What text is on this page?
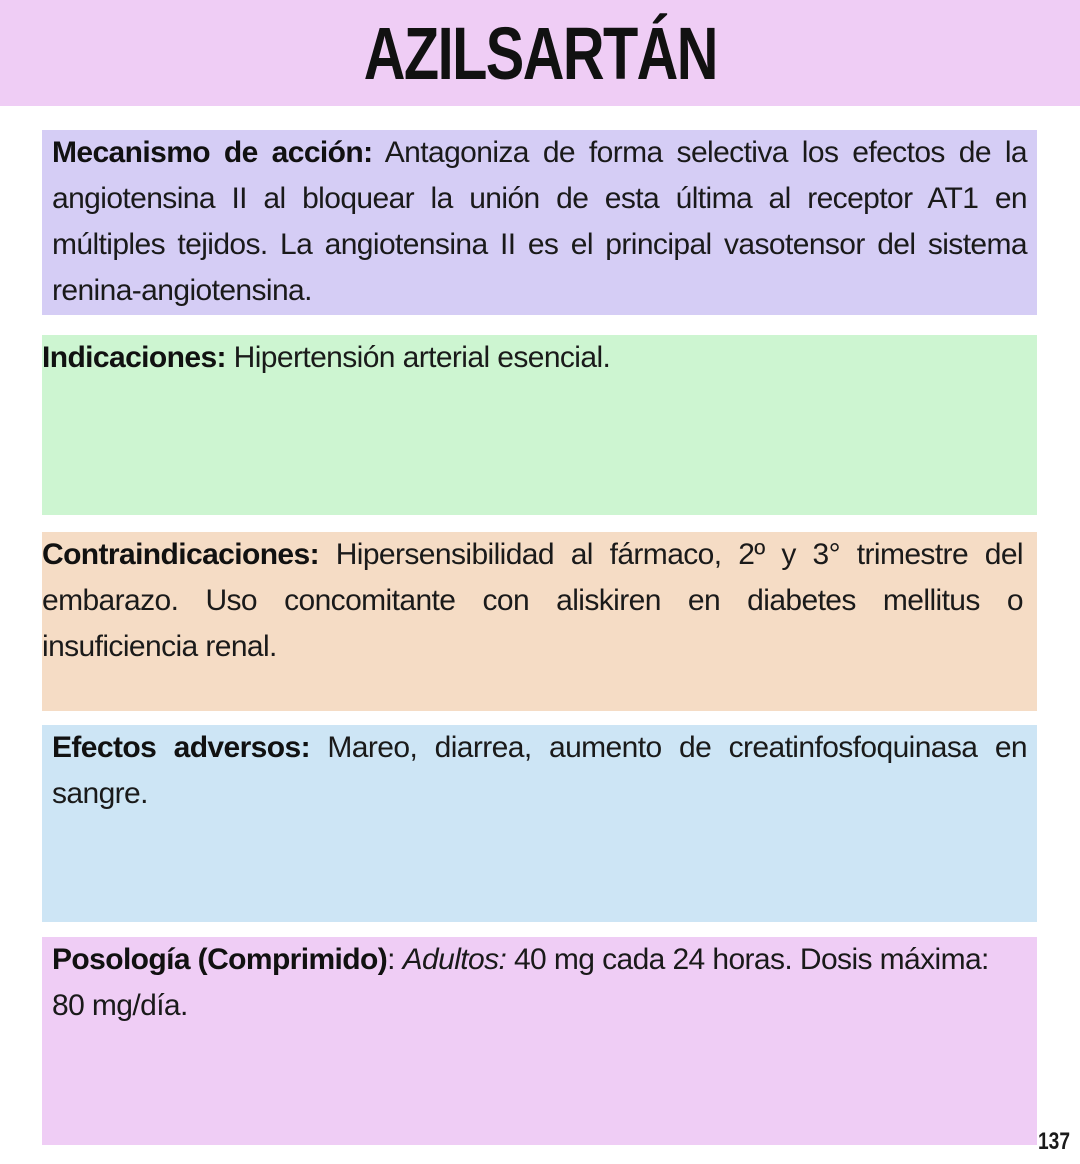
AZILSARTÁN
Mecanismo de acción: Antagoniza de forma selectiva los efectos de la angiotensina II al bloquear la unión de esta última al receptor AT1 en múltiples tejidos. La angiotensina II es el principal vasotensor del sistema renina-angiotensina.
Indicaciones: Hipertensión arterial esencial.
Contraindicaciones: Hipersensibilidad al fármaco, 2º y 3° trimestre del embarazo. Uso concomitante con aliskiren en diabetes mellitus o insuficiencia renal.
Efectos adversos: Mareo, diarrea, aumento de creatinfosfoquinasa en sangre.
Posología (Comprimido): Adultos: 40 mg cada 24 horas. Dosis máxima: 80 mg/día.
137
